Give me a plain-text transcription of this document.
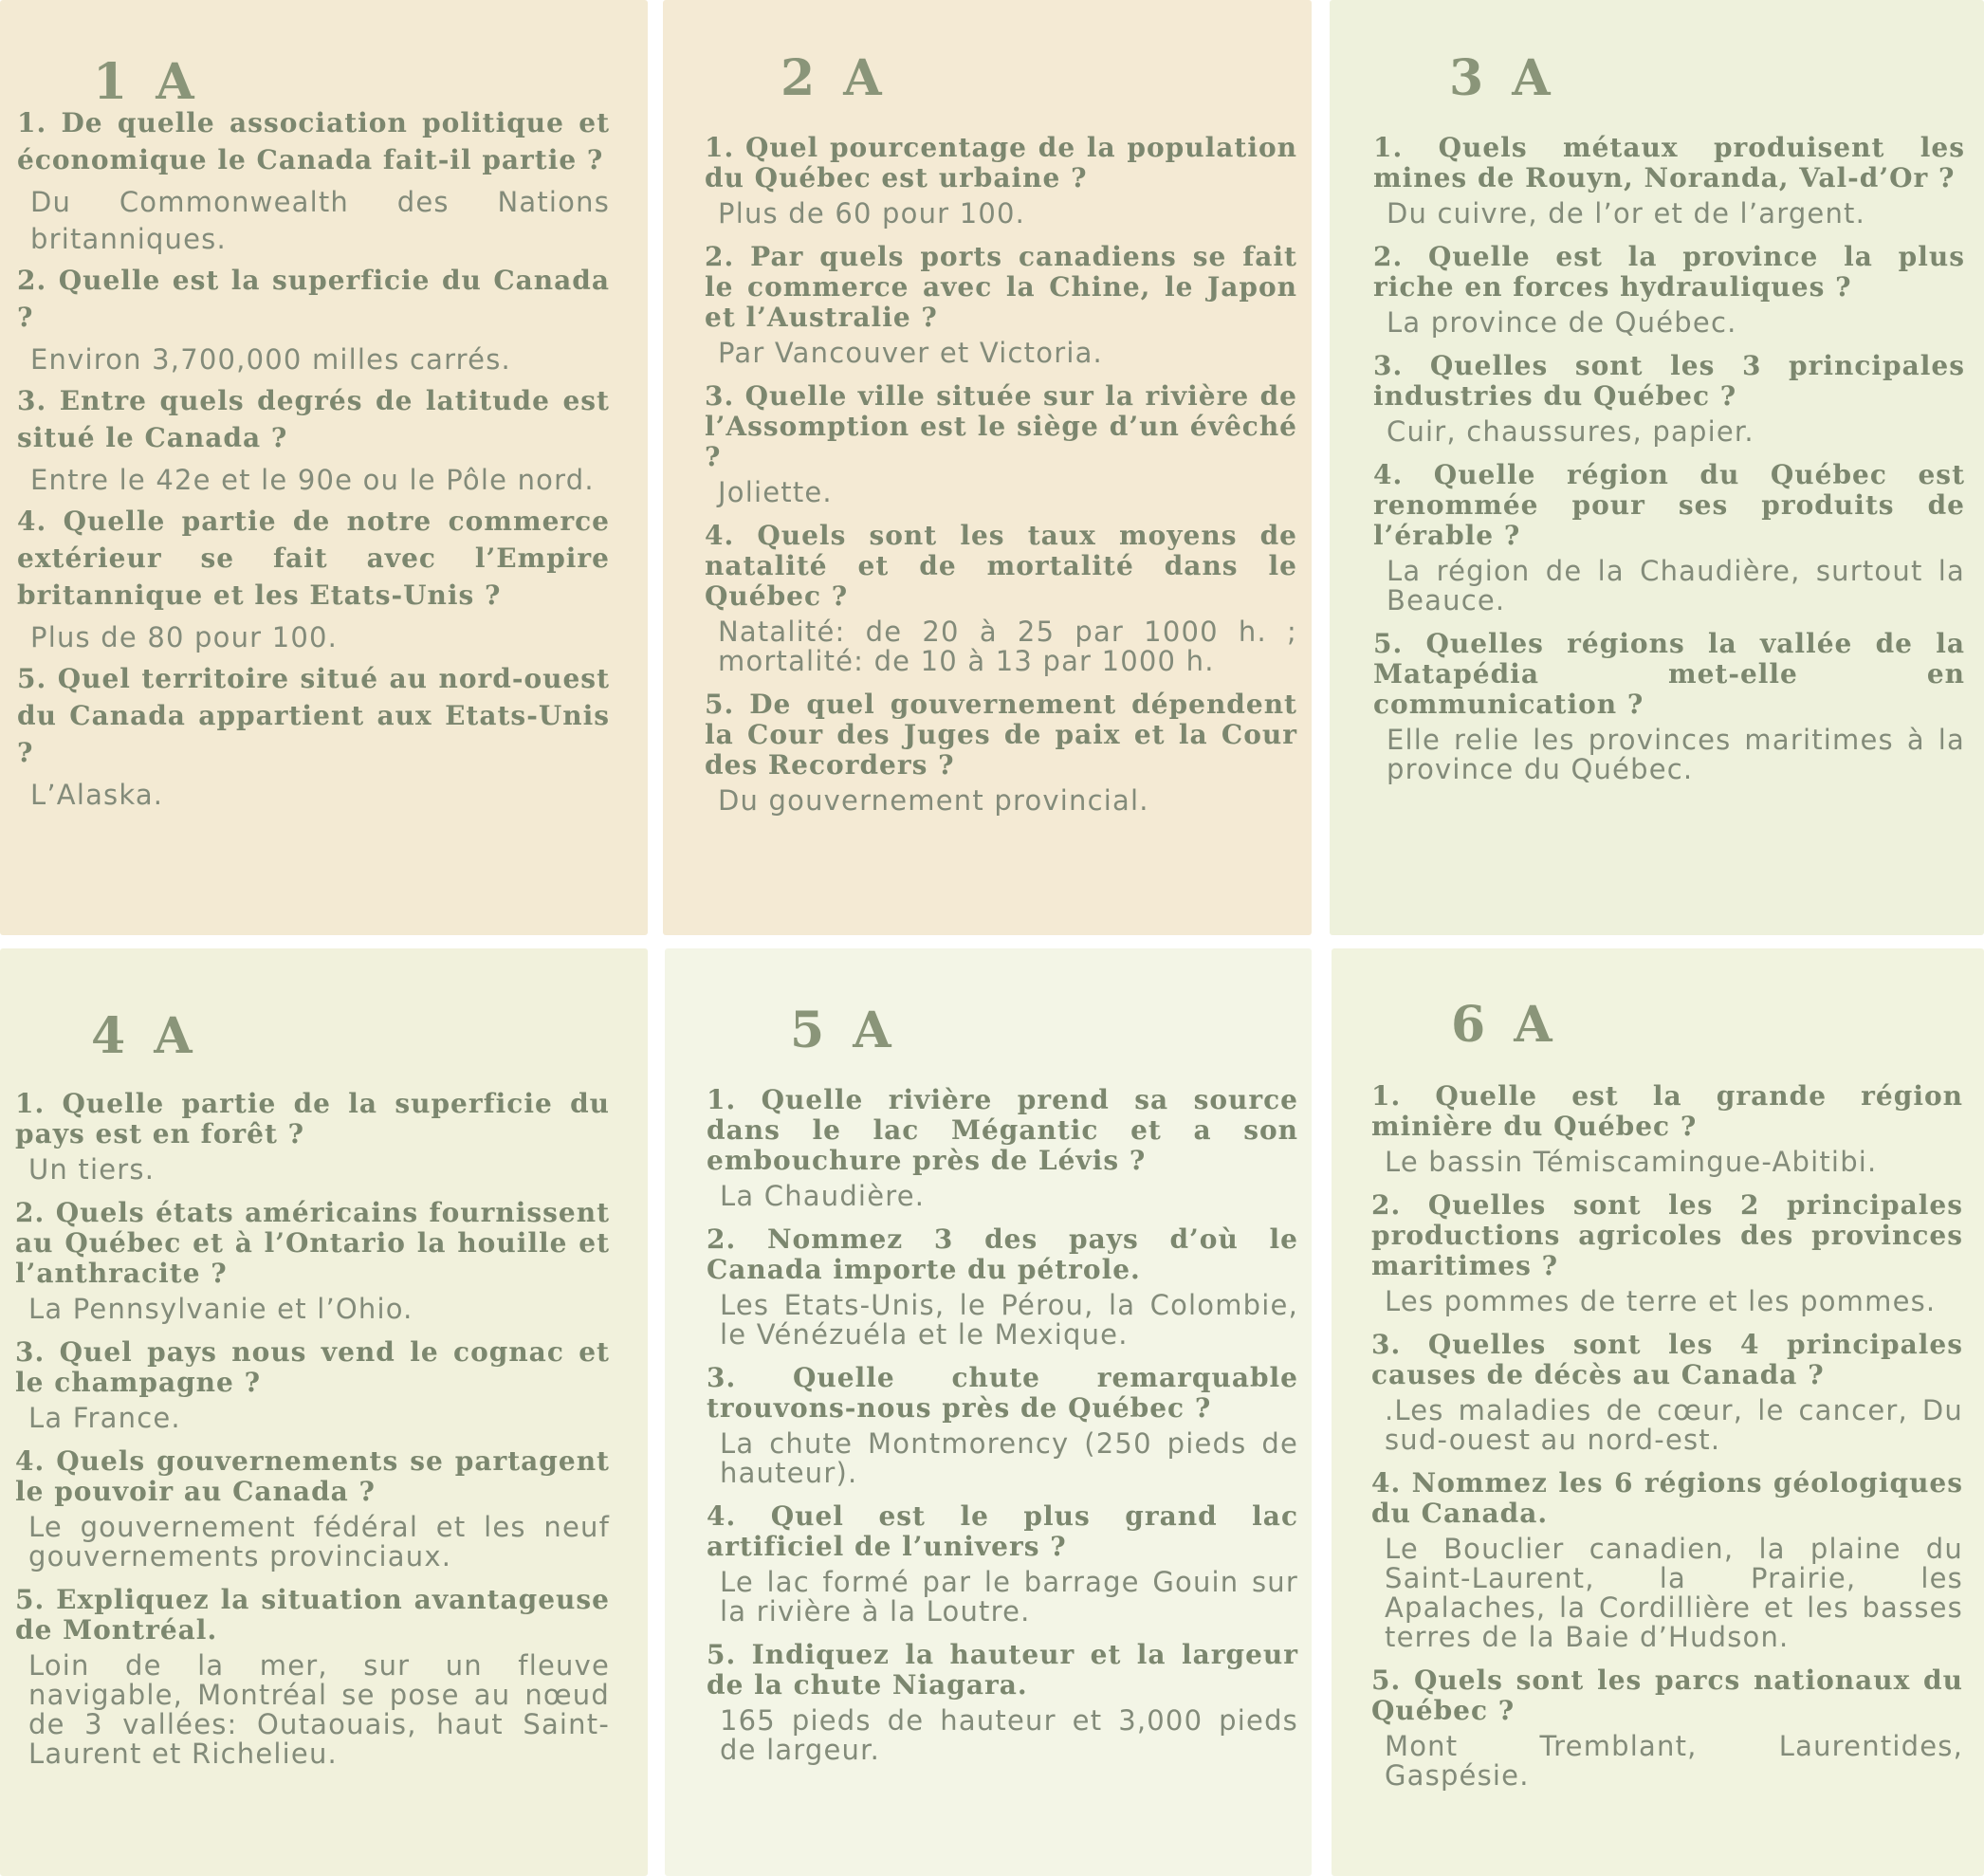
1 A

1. De quelle association politique et économique le Canada fait-il partie ?

Du Commonwealth des Nations britanniques.

2. Quelle est la superficie du Canada ?

Environ 3,700,000 milles carrés.

3. Entre quels degrés de latitude est situé le Canada ?

Entre le 42e et le 90e ou le Pôle nord.

4. Quelle partie de notre commerce extérieur se fait avec l’Empire britannique et les Etats-Unis ?

Plus de 80 pour 100.

5. Quel territoire situé au nord-ouest du Canada appartient aux Etats-Unis ?

L’Alaska.

2 A

1. Quel pourcentage de la population du Québec est urbaine ?

Plus de 60 pour 100.

2. Par quels ports canadiens se fait le commerce avec la Chine, le Japon et l’Australie ?

Par Vancouver et Victoria.

3. Quelle ville située sur la rivière de l’Assomption est le siège d’un évêché ?

Joliette.

4. Quels sont les taux moyens de natalité et de mortalité dans le Québec ?

Natalité: de 20 à 25 par 1000 h. ; mortalité: de 10 à 13 par 1000 h.

5. De quel gouvernement dépendent la Cour des Juges de paix et la Cour des Recorders ?

Du gouvernement provincial.

3 A

1. Quels métaux produisent les mines de Rouyn, Noranda, Val-d’Or ?

Du cuivre, de l’or et de l’argent.

2. Quelle est la province la plus riche en forces hydrauliques ?

La province de Québec.

3. Quelles sont les 3 principales industries du Québec ?

Cuir, chaussures, papier.

4. Quelle région du Québec est renommée pour ses produits de l’érable ?

La région de la Chaudière, surtout la Beauce.

5. Quelles régions la vallée de la Matapédia met-elle en communication ?

Elle relie les provinces maritimes à la province du Québec.

4 A

1. Quelle partie de la superficie du pays est en forêt ?

Un tiers.

2. Quels états américains fournissent au Québec et à l’Ontario la houille et l’anthracite ?

La Pennsylvanie et l’Ohio.

3. Quel pays nous vend le cognac et le champagne ?

La France.

4. Quels gouvernements se partagent le pouvoir au Canada ?

Le gouvernement fédéral et les neuf gouvernements provinciaux.

5. Expliquez la situation avantageuse de Montréal.

Loin de la mer, sur un fleuve navigable, Montréal se pose au nœud de 3 vallées: Outaouais, haut Saint-Laurent et Richelieu.

5 A

1. Quelle rivière prend sa source dans le lac Mégantic et a son embouchure près de Lévis ?

La Chaudière.

2. Nommez 3 des pays d’où le Canada importe du pétrole.

Les Etats-Unis, le Pérou, la Colombie, le Vénézuéla et le Mexique.

3. Quelle chute remarquable trouvons-nous près de Québec ?

La chute Montmorency (250 pieds de hauteur).

4. Quel est le plus grand lac artificiel de l’univers ?

Le lac formé par le barrage Gouin sur la rivière à la Loutre.

5. Indiquez la hauteur et la largeur de la chute Niagara.

165 pieds de hauteur et 3,000 pieds de largeur.

6 A

1. Quelle est la grande région minière du Québec ?

Le bassin Témiscamingue-Abitibi.

2. Quelles sont les 2 principales productions agricoles des provinces maritimes ?

Les pommes de terre et les pommes.

3. Quelles sont les 4 principales causes de décès au Canada ?

.Les maladies de cœur, le cancer, Du sud-ouest au nord-est.

4. Nommez les 6 régions géologiques du Canada.

Le Bouclier canadien, la plaine du Saint-Laurent, la Prairie, les Apalaches, la Cordillière et les basses terres de la Baie d’Hudson.

5. Quels sont les parcs nationaux du Québec ?

Mont Tremblant, Laurentides, Gaspésie.
